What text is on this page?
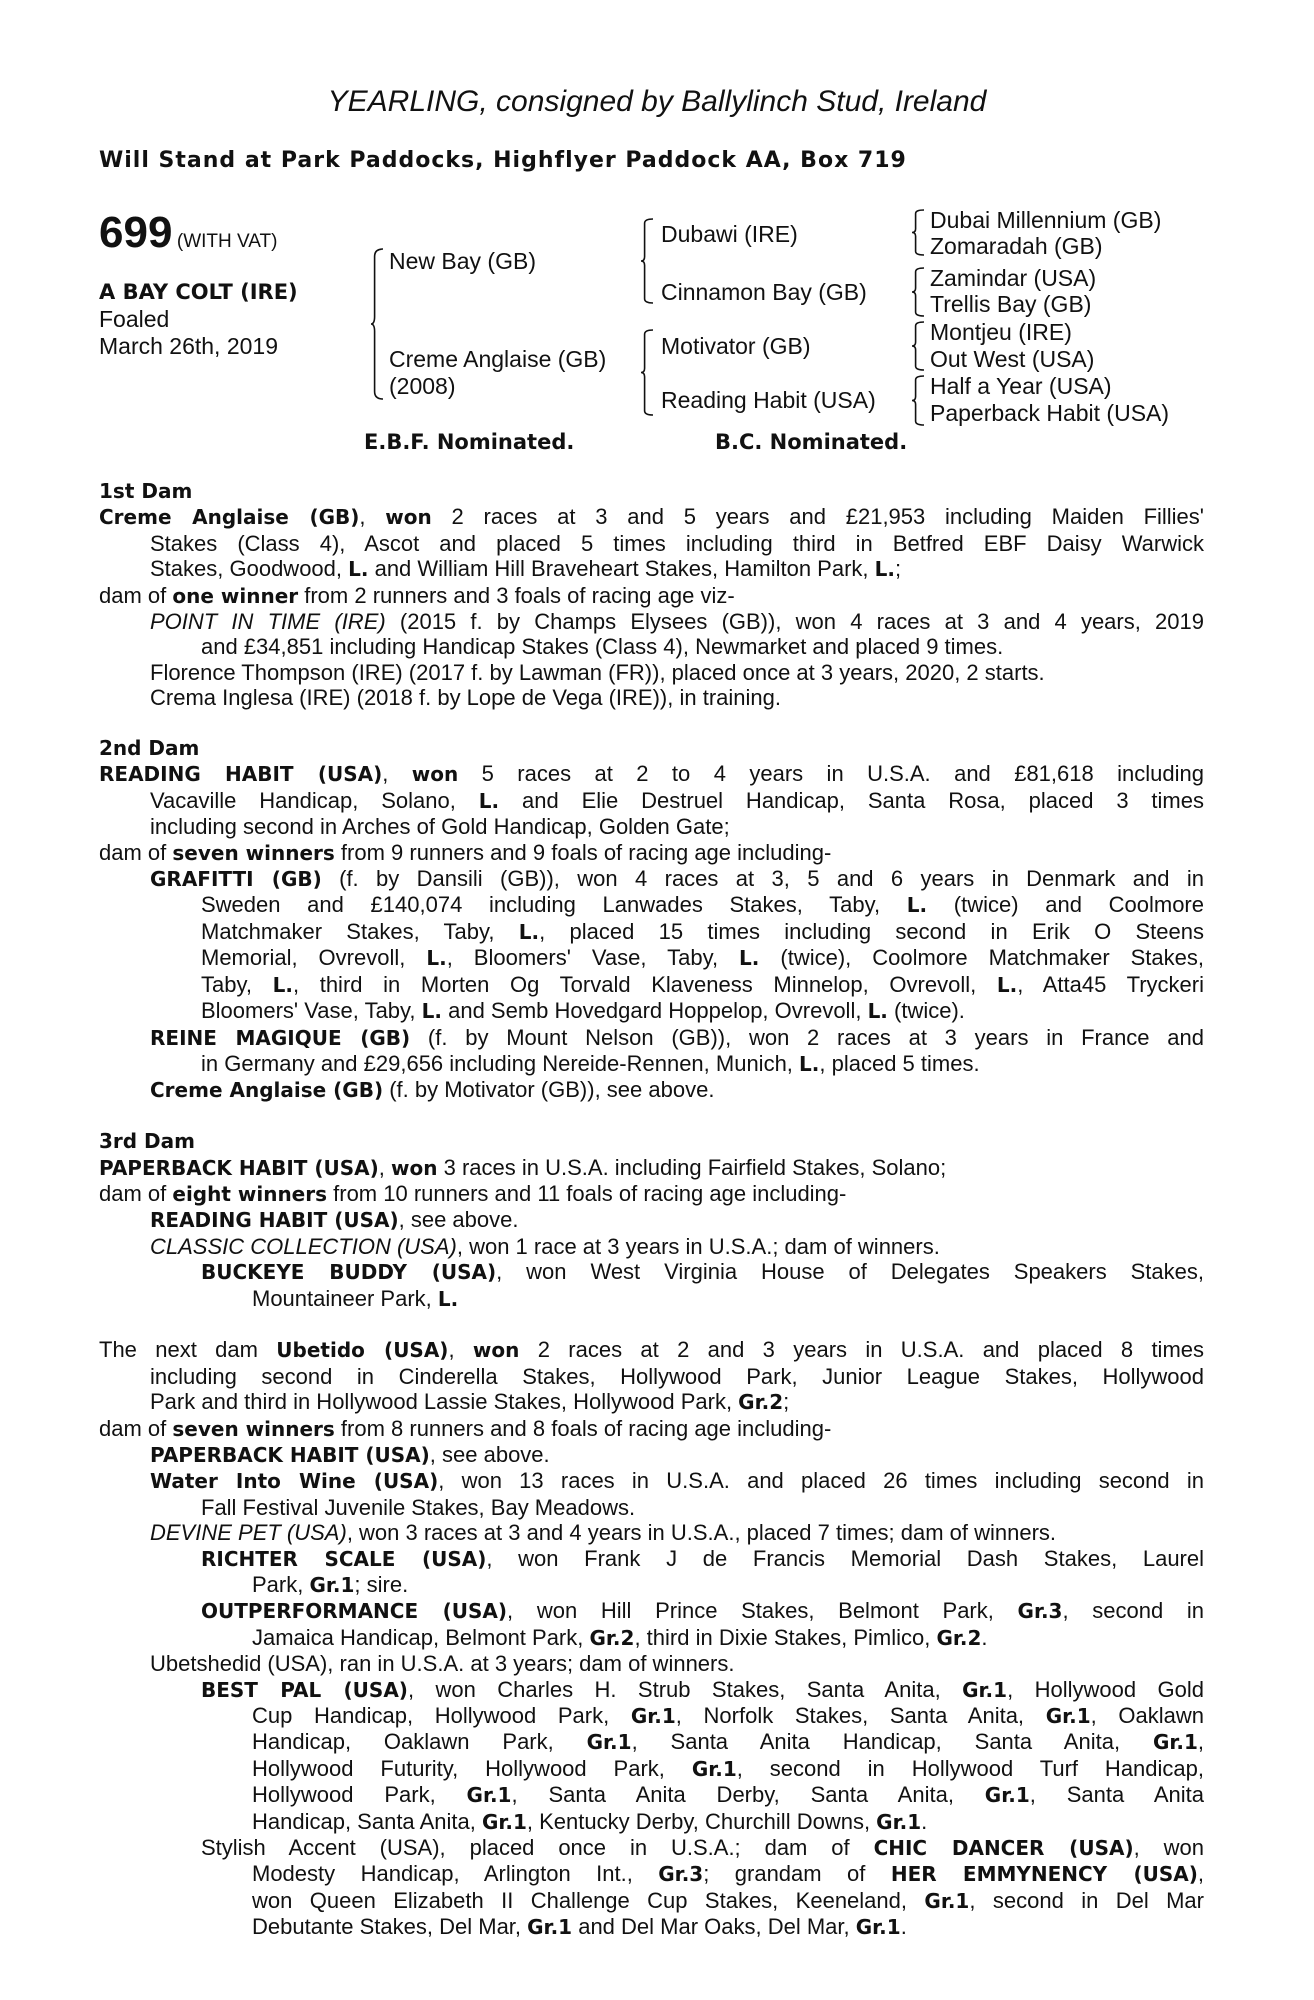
YEARLING, consigned by Ballylinch Stud, Ireland
Will Stand at Park Paddocks, Highflyer Paddock AA, Box 719
699 (WITH VAT)
A BAY COLT (IRE)
Foaled
March 26th, 2019
New Bay (GB)
Creme Anglaise (GB)
(2008)
Dubawi (IRE)
Cinnamon Bay (GB)
Motivator (GB)
Reading Habit (USA)
Dubai Millennium (GB)
Zomaradah (GB)
Zamindar (USA)
Trellis Bay (GB)
Montjeu (IRE)
Out West (USA)
Half a Year (USA)
Paperback Habit (USA)
E.B.F. Nominated.	B.C. Nominated.
1st Dam
Creme Anglaise (GB), won 2 races at 3 and 5 years and £21,953 including Maiden Fillies'
Stakes (Class 4), Ascot and placed 5 times including third in Betfred EBF Daisy Warwick
Stakes, Goodwood, L. and William Hill Braveheart Stakes, Hamilton Park, L.;
dam of one winner from 2 runners and 3 foals of racing age viz-
POINT IN TIME (IRE) (2015 f. by Champs Elysees (GB)), won 4 races at 3 and 4 years, 2019
and £34,851 including Handicap Stakes (Class 4), Newmarket and placed 9 times.
Florence Thompson (IRE) (2017 f. by Lawman (FR)), placed once at 3 years, 2020, 2 starts.
Crema Inglesa (IRE) (2018 f. by Lope de Vega (IRE)), in training.
2nd Dam
READING HABIT (USA), won 5 races at 2 to 4 years in U.S.A. and £81,618 including
Vacaville Handicap, Solano, L. and Elie Destruel Handicap, Santa Rosa, placed 3 times
including second in Arches of Gold Handicap, Golden Gate;
dam of seven winners from 9 runners and 9 foals of racing age including-
GRAFITTI (GB) (f. by Dansili (GB)), won 4 races at 3, 5 and 6 years in Denmark and in
Sweden and £140,074 including Lanwades Stakes, Taby, L. (twice) and Coolmore
Matchmaker Stakes, Taby, L., placed 15 times including second in Erik O Steens
Memorial, Ovrevoll, L., Bloomers' Vase, Taby, L. (twice), Coolmore Matchmaker Stakes,
Taby, L., third in Morten Og Torvald Klaveness Minnelop, Ovrevoll, L., Atta45 Tryckeri
Bloomers' Vase, Taby, L. and Semb Hovedgard Hoppelop, Ovrevoll, L. (twice).
REINE MAGIQUE (GB) (f. by Mount Nelson (GB)), won 2 races at 3 years in France and
in Germany and £29,656 including Nereide-Rennen, Munich, L., placed 5 times.
Creme Anglaise (GB) (f. by Motivator (GB)), see above.
3rd Dam
PAPERBACK HABIT (USA), won 3 races in U.S.A. including Fairfield Stakes, Solano;
dam of eight winners from 10 runners and 11 foals of racing age including-
READING HABIT (USA), see above.
CLASSIC COLLECTION (USA), won 1 race at 3 years in U.S.A.; dam of winners.
BUCKEYE BUDDY (USA), won West Virginia House of Delegates Speakers Stakes,
Mountaineer Park, L.
The next dam Ubetido (USA), won 2 races at 2 and 3 years in U.S.A. and placed 8 times
including second in Cinderella Stakes, Hollywood Park, Junior League Stakes, Hollywood
Park and third in Hollywood Lassie Stakes, Hollywood Park, Gr.2;
dam of seven winners from 8 runners and 8 foals of racing age including-
PAPERBACK HABIT (USA), see above.
Water Into Wine (USA), won 13 races in U.S.A. and placed 26 times including second in
Fall Festival Juvenile Stakes, Bay Meadows.
DEVINE PET (USA), won 3 races at 3 and 4 years in U.S.A., placed 7 times; dam of winners.
RICHTER SCALE (USA), won Frank J de Francis Memorial Dash Stakes, Laurel
Park, Gr.1; sire.
OUTPERFORMANCE (USA), won Hill Prince Stakes, Belmont Park, Gr.3, second in
Jamaica Handicap, Belmont Park, Gr.2, third in Dixie Stakes, Pimlico, Gr.2.
Ubetshedid (USA), ran in U.S.A. at 3 years; dam of winners.
BEST PAL (USA), won Charles H. Strub Stakes, Santa Anita, Gr.1, Hollywood Gold
Cup Handicap, Hollywood Park, Gr.1, Norfolk Stakes, Santa Anita, Gr.1, Oaklawn
Handicap, Oaklawn Park, Gr.1, Santa Anita Handicap, Santa Anita, Gr.1,
Hollywood Futurity, Hollywood Park, Gr.1, second in Hollywood Turf Handicap,
Hollywood Park, Gr.1, Santa Anita Derby, Santa Anita, Gr.1, Santa Anita
Handicap, Santa Anita, Gr.1, Kentucky Derby, Churchill Downs, Gr.1.
Stylish Accent (USA), placed once in U.S.A.; dam of CHIC DANCER (USA), won
Modesty Handicap, Arlington Int., Gr.3; grandam of HER EMMYNENCY (USA),
won Queen Elizabeth II Challenge Cup Stakes, Keeneland, Gr.1, second in Del Mar
Debutante Stakes, Del Mar, Gr.1 and Del Mar Oaks, Del Mar, Gr.1.
